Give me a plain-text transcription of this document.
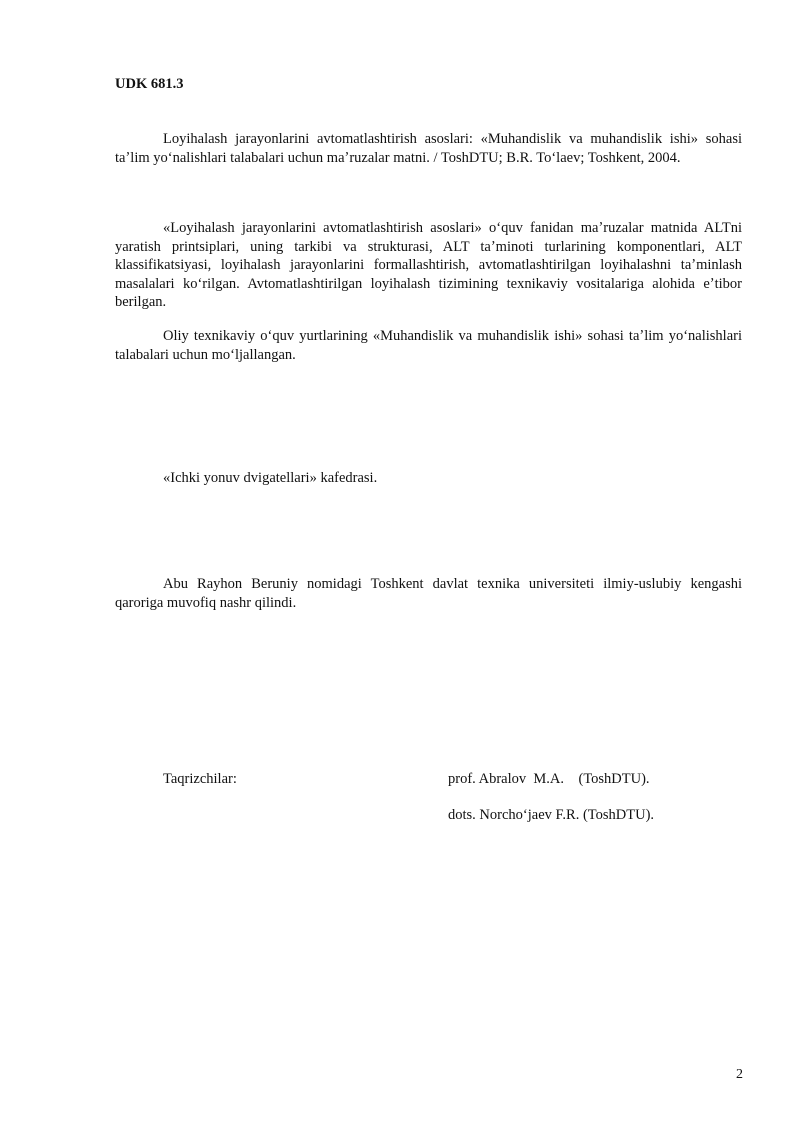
UDK 681.3

Loyihalash jarayonlarini avtomatlashtirish asoslari: «Muhandislik va muhandislik ishi» sohasi taʼlim yoʻnalishlari talabalari uchun maʼruzalar matni. / ToshDTU; B.R. Toʻlaev; Toshkent, 2004.

«Loyihalash jarayonlarini avtomatlashtirish asoslari» oʻquv fanidan maʼruzalar matnida ALTni yaratish printsiplari, uning tarkibi va strukturasi, ALT taʼminoti turlarining komponentlari, ALT klassifikatsiyasi, loyihalash jarayonlarini formallashtirish, avtomatlashtirilgan loyihalashni taʼminlash masalalari koʻrilgan. Avtomatlashtirilgan loyihalash tizimining texnikaviy vositalariga alohida eʼtibor berilgan.

Oliy texnikaviy oʻquv yurtlarining «Muhandislik va muhandislik ishi» sohasi taʼlim yoʻnalishlari talabalari uchun moʻljallangan.

«Ichki yonuv dvigatellari» kafedrasi.

Abu Rayhon Beruniy nomidagi Toshkent davlat texnika universiteti ilmiy-uslubiy kengashi qaroriga muvofiq nashr qilindi.

Taqrizchilar:	prof. Abralov  M.A.    (ToshDTU).
dots. Norchoʻjaev F.R. (ToshDTU).
2
